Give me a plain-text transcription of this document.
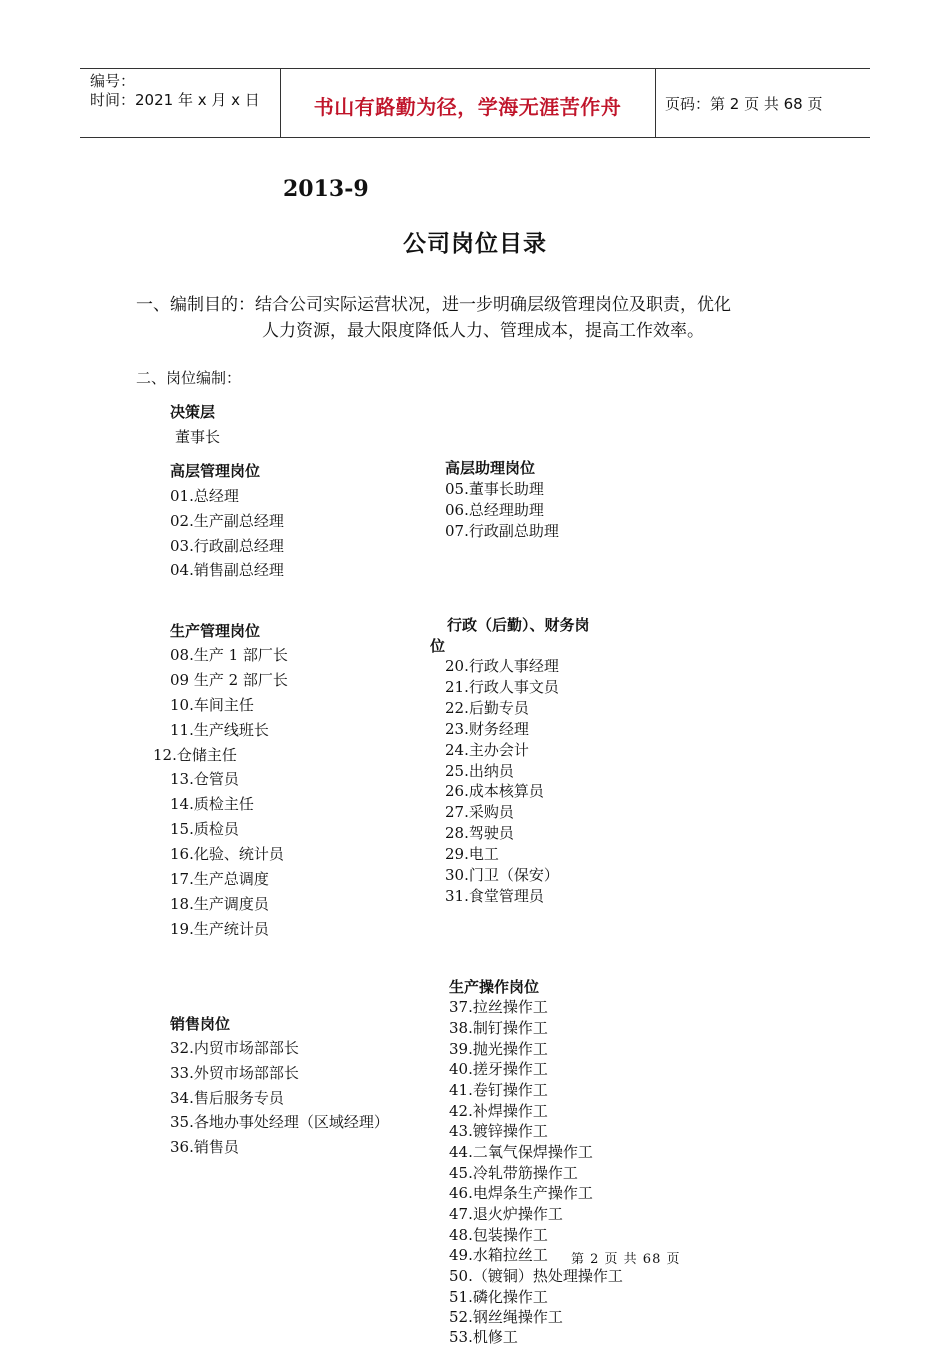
编号：
时间：2021 年 x 月 x 日	书山有路勤为径，学海无涯苦作舟	页码：第 2 页 共 68 页
2013-9
公司岗位目录
一、编制目的：结合公司实际运营状况，进一步明确层级管理岗位及职责，优化
人力资源，最大限度降低人力、管理成本，提高工作效率。
二、岗位编制：
决策层
董事长
高层管理岗位
01.总经理
02.生产副总经理
03.行政副总经理
04.销售副总经理
高层助理岗位
05.董事长助理
06.总经理助理
07.行政副总助理
生产管理岗位
08.生产 1 部厂长
09 生产 2 部厂长
10.车间主任
11.生产线班长
12.仓储主任
13.仓管员
14.质检主任
15.质检员
16.化验、统计员
17.生产总调度
18.生产调度员
19.生产统计员
行政（后勤）、财务岗
位
20.行政人事经理
21.行政人事文员
22.后勤专员
23.财务经理
24.主办会计
25.出纳员
26.成本核算员
27.采购员
28.驾驶员
29.电工
30.门卫（保安）
31.食堂管理员
销售岗位
32.内贸市场部部长
33.外贸市场部部长
34.售后服务专员
35.各地办事处经理（区域经理）
36.销售员
生产操作岗位
37.拉丝操作工
38.制钉操作工
39.抛光操作工
40.搓牙操作工
41.卷钉操作工
42.补焊操作工
43.镀锌操作工
44.二氧气保焊操作工
45.冷轧带筋操作工
46.电焊条生产操作工
47.退火炉操作工
48.包装操作工
49.水箱拉丝工
50.（镀铜）热处理操作工
51.磷化操作工
52.钢丝绳操作工
53.机修工
第 2 页 共 68 页
